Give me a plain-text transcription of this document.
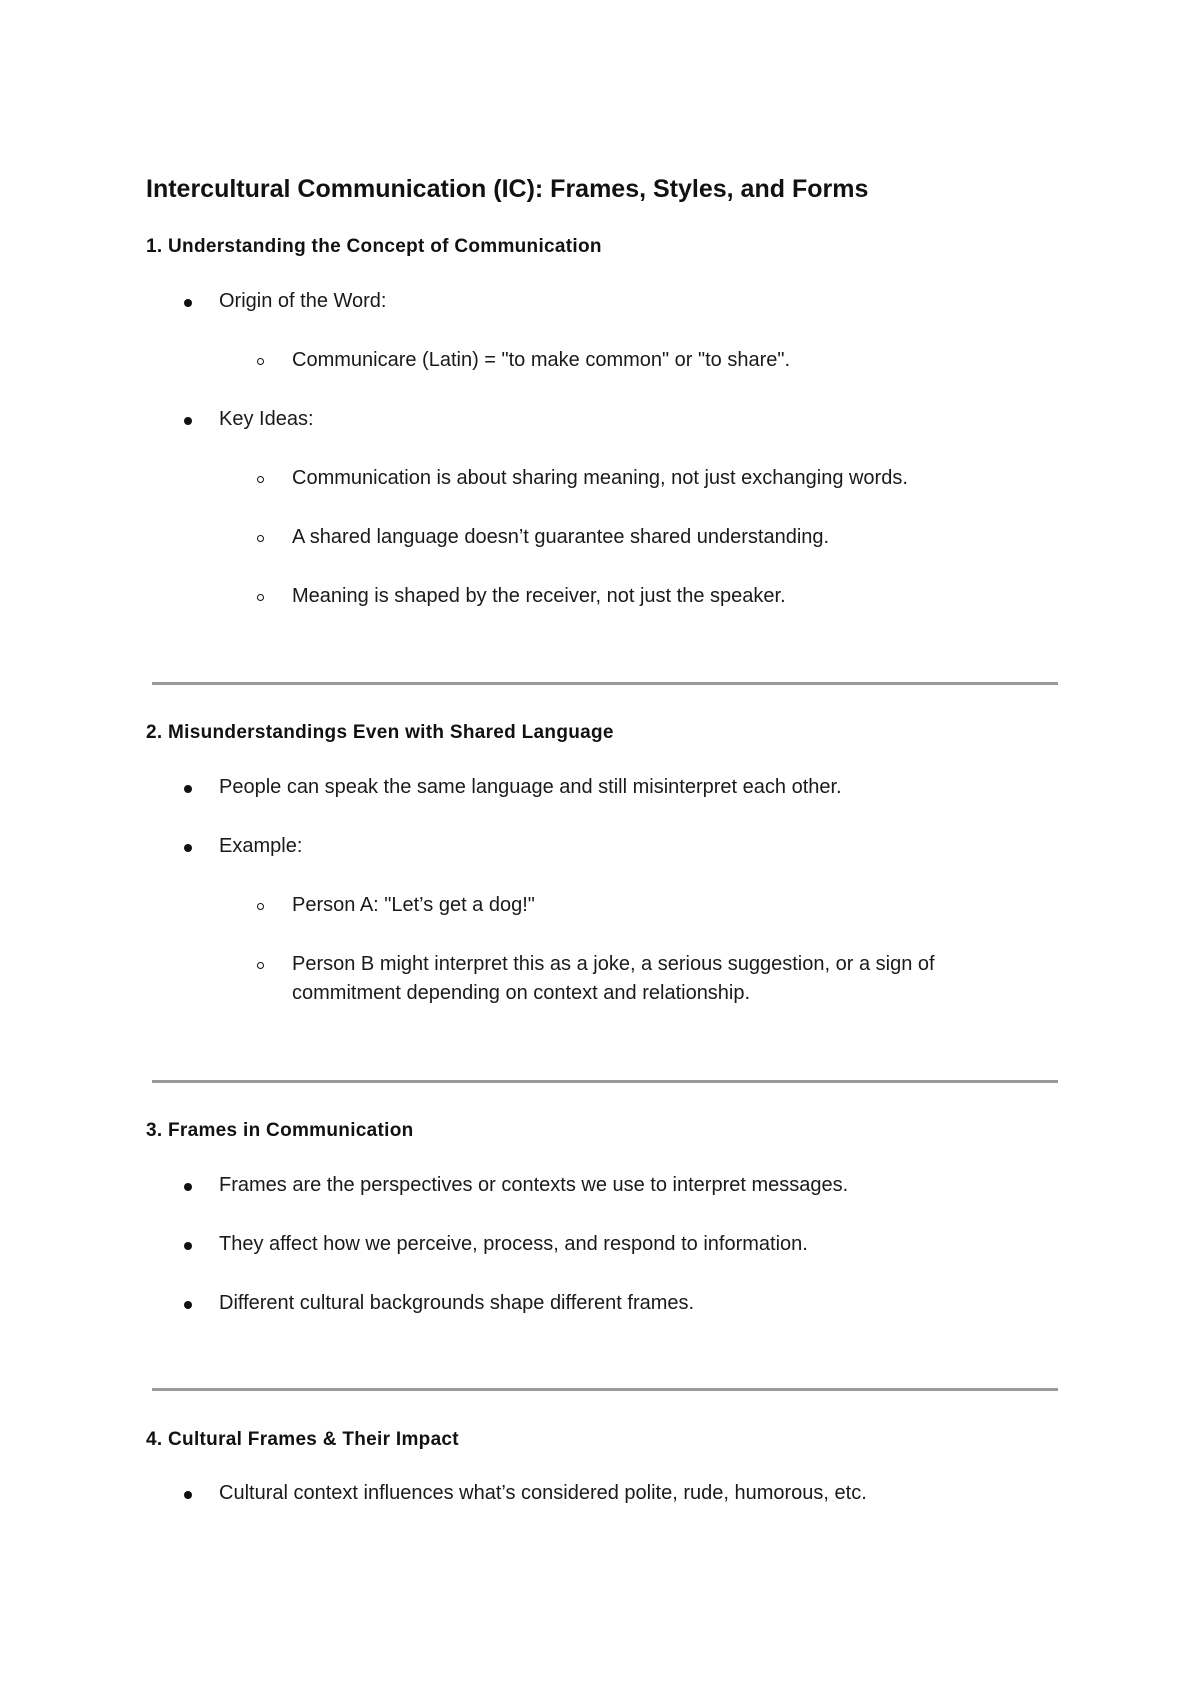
Intercultural Communication (IC): Frames, Styles, and Forms
1. Understanding the Concept of Communication
Origin of the Word:
Communicare (Latin) = "to make common" or "to share".
Key Ideas:
Communication is about sharing meaning, not just exchanging words.
A shared language doesn’t guarantee shared understanding.
Meaning is shaped by the receiver, not just the speaker.
2. Misunderstandings Even with Shared Language
People can speak the same language and still misinterpret each other.
Example:
Person A: "Let’s get a dog!"
Person B might interpret this as a joke, a serious suggestion, or a sign of commitment depending on context and relationship.
3. Frames in Communication
Frames are the perspectives or contexts we use to interpret messages.
They affect how we perceive, process, and respond to information.
Different cultural backgrounds shape different frames.
4. Cultural Frames & Their Impact
Cultural context influences what’s considered polite, rude, humorous, etc.
